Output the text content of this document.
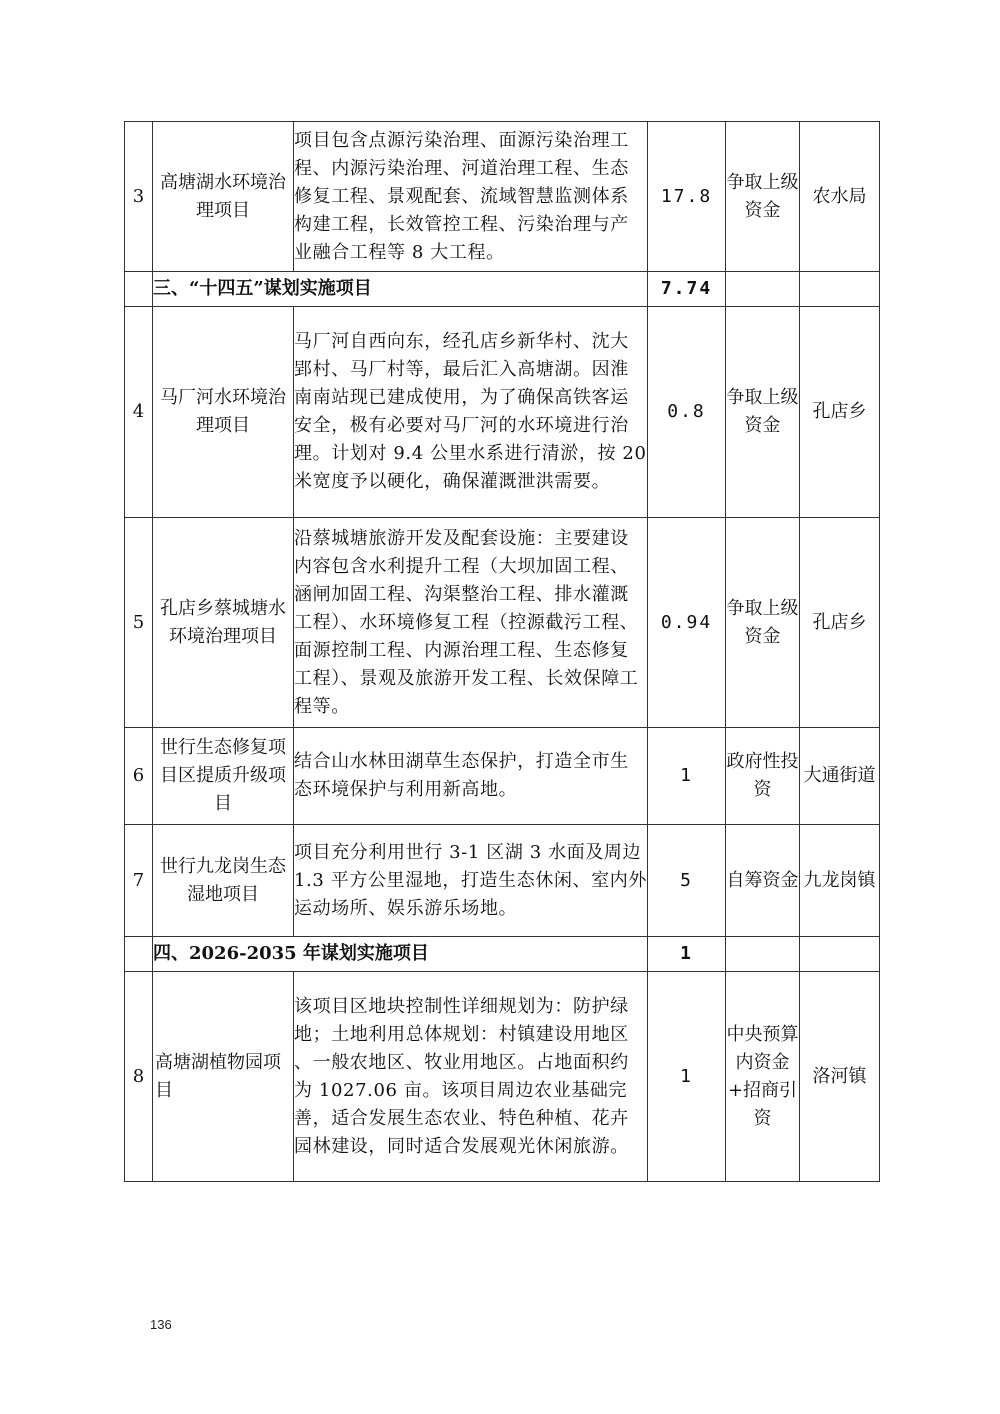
3	高塘湖水环境治理项目	项目包含点源污染治理、面源污染治理工程、内源污染治理、河道治理工程、生态修复工程、景观配套、流域智慧监测体系构建工程，长效管控工程、污染治理与产业融合工程等 8 大工程。	17.8	争取上级资金	农水局
	三、“十四五”谋划实施项目		7.74		
4	马厂河水环境治理项目	马厂河自西向东，经孔店乡新华村、沈大郢村、马厂村等，最后汇入高塘湖。因淮南南站现已建成使用，为了确保高铁客运安全，极有必要对马厂河的水环境进行治理。计划对 9.4 公里水系进行清淤，按 20 米宽度予以硬化，确保灌溉泄洪需要。	0.8	争取上级资金	孔店乡
5	孔店乡蔡城塘水环境治理项目	沿蔡城塘旅游开发及配套设施：主要建设内容包含水利提升工程（大坝加固工程、涵闸加固工程、沟渠整治工程、排水灌溉工程）、水环境修复工程（控源截污工程、面源控制工程、内源治理工程、生态修复工程）、景观及旅游开发工程、长效保障工程等。	0.94	争取上级资金	孔店乡
6	世行生态修复项目区提质升级项目	结合山水林田湖草生态保护，打造全市生态环境保护与利用新高地。	1	政府性投资	大通街道
7	世行九龙岗生态湿地项目	项目充分利用世行 3-1 区湖 3 水面及周边 1.3 平方公里湿地，打造生态休闲、室内外运动场所、娱乐游乐场地。	5	自筹资金	九龙岗镇
	四、2026-2035 年谋划实施项目		1		
8	高塘湖植物园项目	该项目区地块控制性详细规划为：防护绿地；土地利用总体规划：村镇建设用地区 、一般农地区、牧业用地区。占地面积约为 1027.06 亩。该项目周边农业基础完善，适合发展生态农业、特色种植、花卉园林建设，同时适合发展观光休闲旅游。	1	中央预算内资金+招商引资	洛河镇
136
